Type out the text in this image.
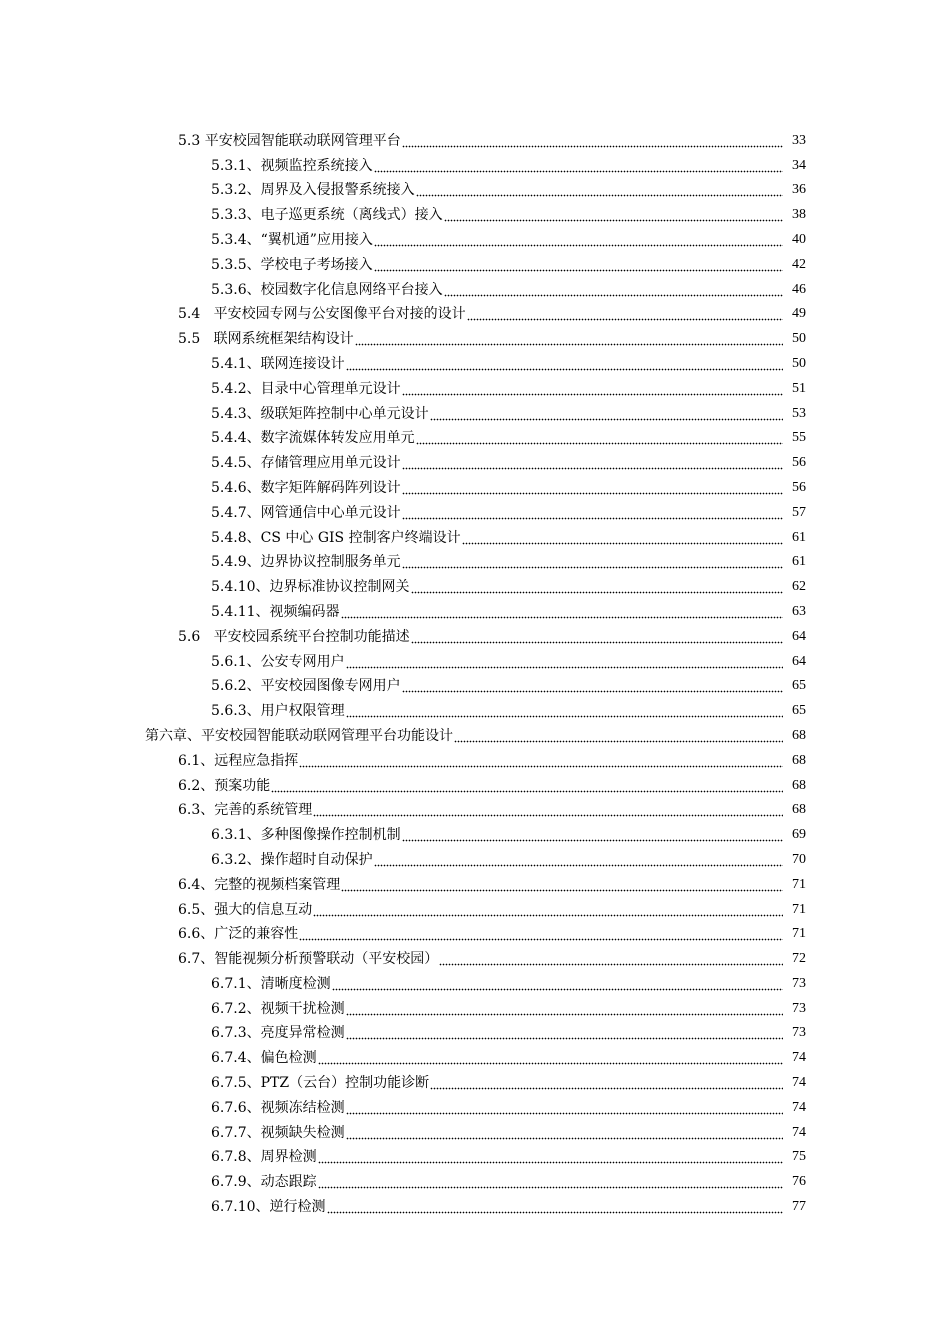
5.3 平安校园智能联动联网管理平台	33
5.3.1、视频监控系统接入	34
5.3.2、周界及入侵报警系统接入	36
5.3.3、电子巡更系统（离线式）接入	38
5.3.4、“翼机通”应用接入	40
5.3.5、学校电子考场接入	42
5.3.6、校园数字化信息网络平台接入	46
5.4   平安校园专网与公安图像平台对接的设计	49
5.5   联网系统框架结构设计	50
5.4.1、联网连接设计	50
5.4.2、目录中心管理单元设计	51
5.4.3、级联矩阵控制中心单元设计	53
5.4.4、数字流媒体转发应用单元	55
5.4.5、存储管理应用单元设计	56
5.4.6、数字矩阵解码阵列设计	56
5.4.7、网管通信中心单元设计	57
5.4.8、CS 中心 GIS 控制客户终端设计	61
5.4.9、边界协议控制服务单元	61
5.4.10、边界标准协议控制网关	62
5.4.11、视频编码器	63
5.6   平安校园系统平台控制功能描述	64
5.6.1、公安专网用户	64
5.6.2、平安校园图像专网用户	65
5.6.3、用户权限管理	65
第六章、平安校园智能联动联网管理平台功能设计	68
6.1、远程应急指挥	68
6.2、预案功能	68
6.3、完善的系统管理	68
6.3.1、多种图像操作控制机制	69
6.3.2、操作超时自动保护	70
6.4、完整的视频档案管理	71
6.5、强大的信息互动	71
6.6、广泛的兼容性	71
6.7、智能视频分析预警联动（平安校园）	72
6.7.1、清晰度检测	73
6.7.2、视频干扰检测	73
6.7.3、亮度异常检测	73
6.7.4、偏色检测	74
6.7.5、PTZ（云台）控制功能诊断	74
6.7.6、视频冻结检测	74
6.7.7、视频缺失检测	74
6.7.8、周界检测	75
6.7.9、动态跟踪	76
6.7.10、逆行检测	77
